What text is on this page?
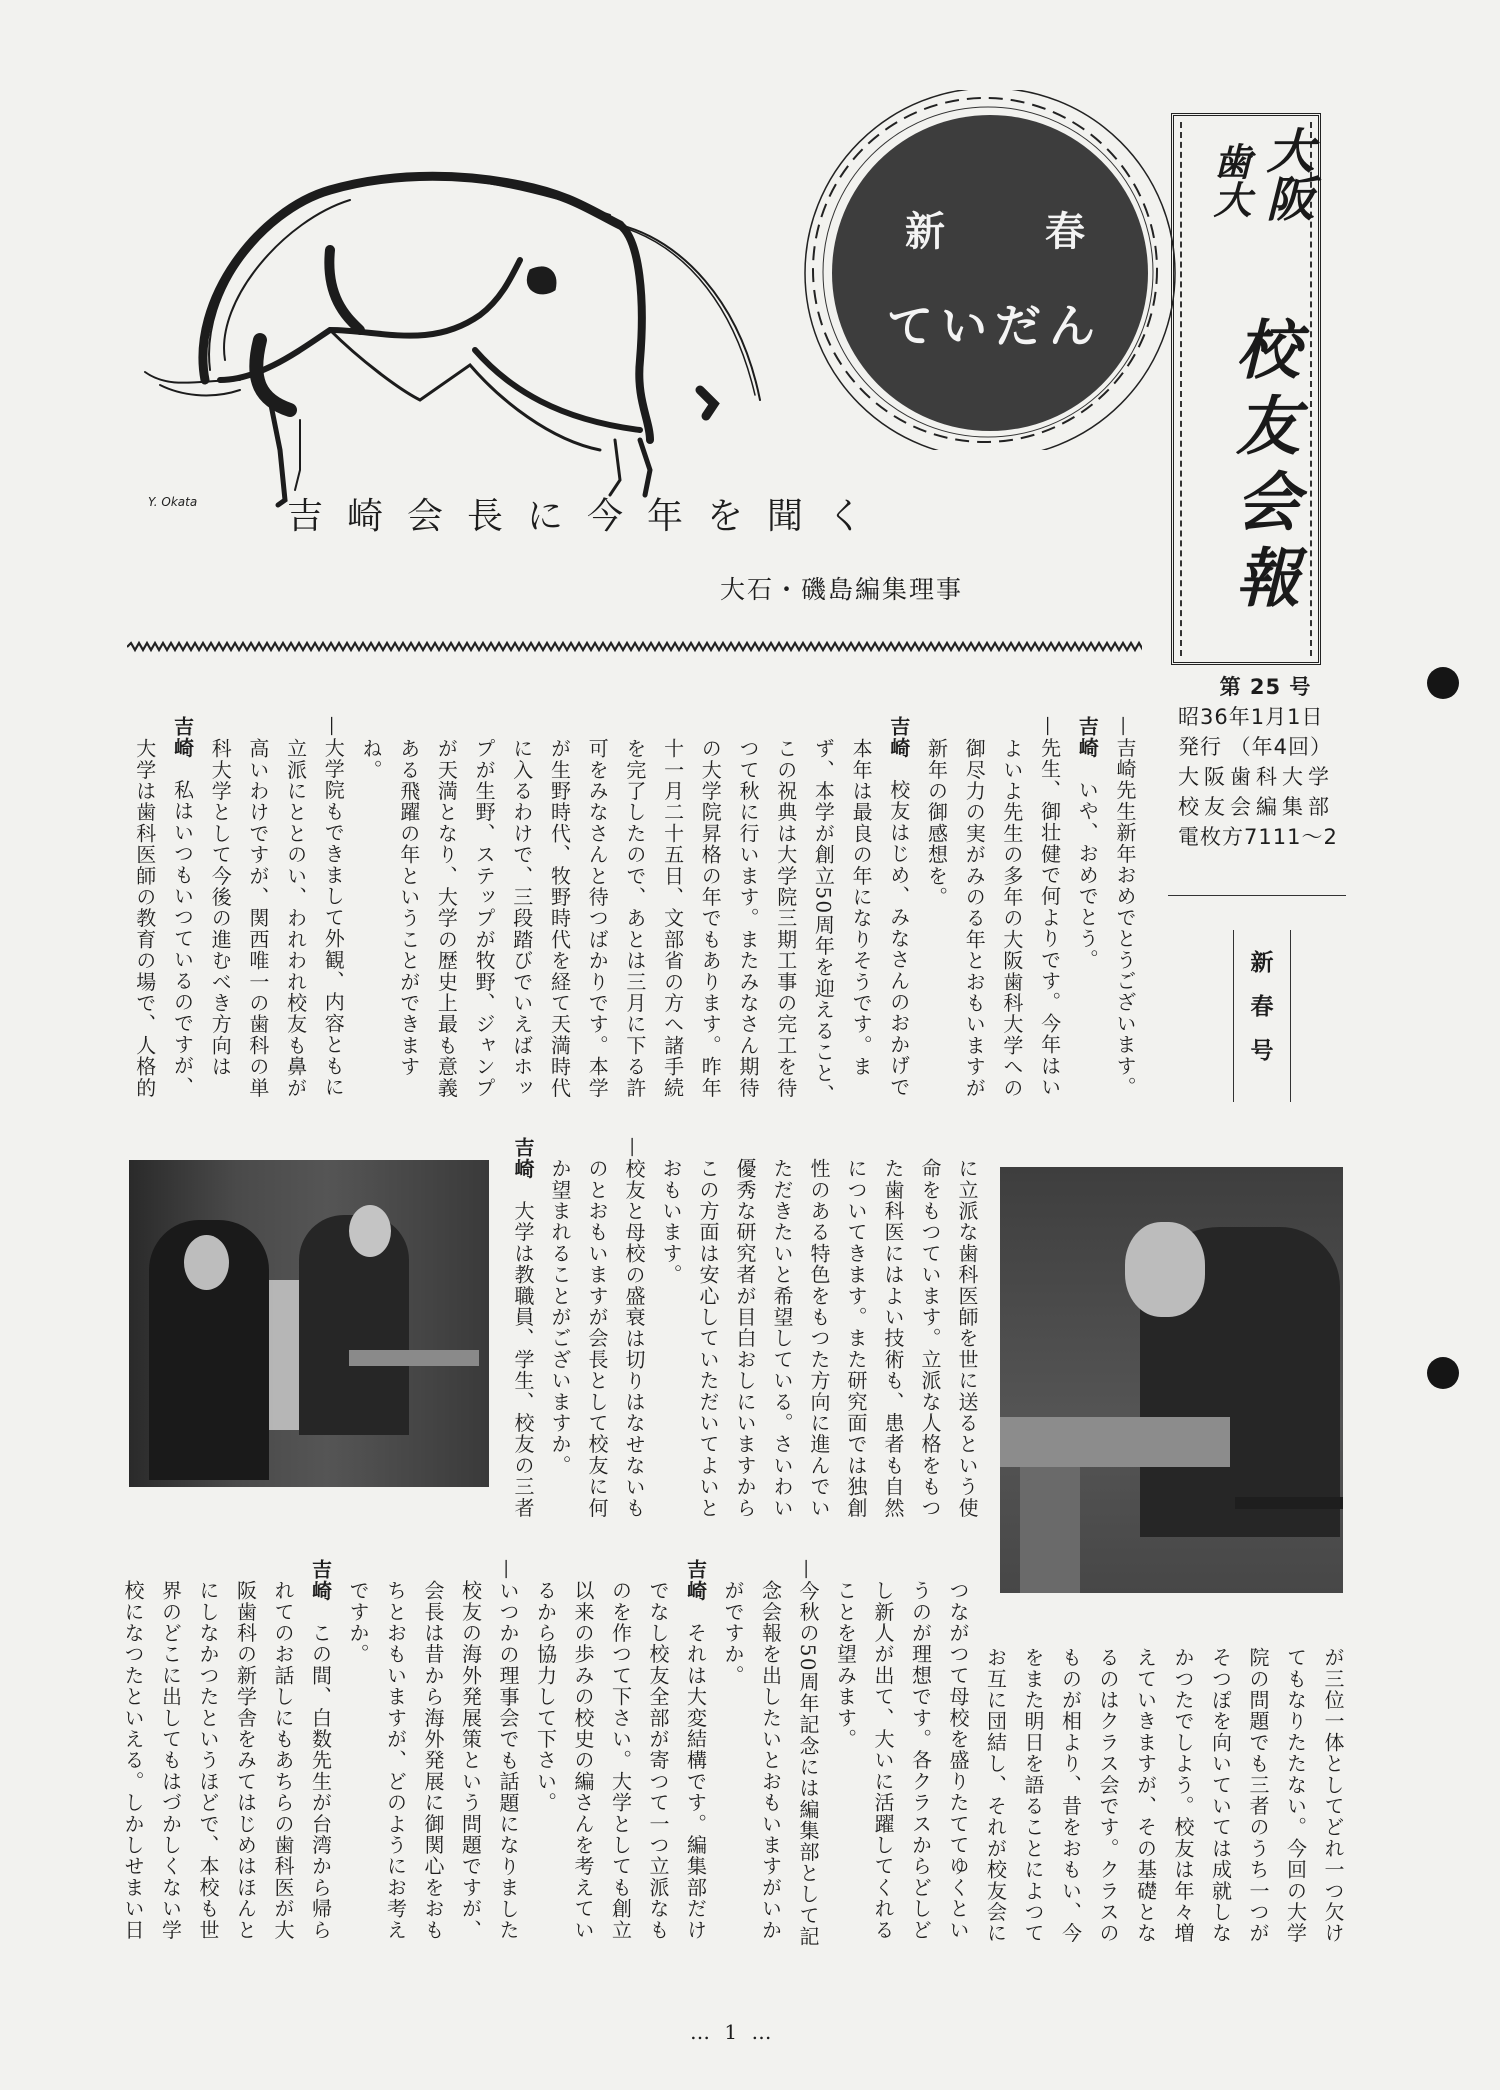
Y. Okata
新	春
ていだん
大阪
歯大
校友会報
第 25 号
昭36年1月1日
発行 （年4回）
大阪歯科大学
校友会編集部
電枚方7111〜2
新
春
号
吉崎会長に今年を聞く
大石・磯島編集理事
—吉崎先生新年おめでとうございます。
吉崎いや、おめでとう。
—先生、御壮健で何よりです。今年はい
よいよ先生の多年の大阪歯科大学への
御尽力の実がみのる年とおもいますが
新年の御感想を。
吉崎校友はじめ、みなさんのおかげで
本年は最良の年になりそうです。ま
ず、本学が創立50周年を迎えること、
この祝典は大学院三期工事の完工を待
つて秋に行います。またみなさん期待
の大学院昇格の年でもあります。昨年
十一月二十五日、文部省の方へ諸手続
を完了したので、あとは三月に下る許
可をみなさんと待つばかりです。本学
が生野時代、牧野時代を経て天満時代
に入るわけで、三段踏びでいえばホッ
プが生野、ステップが牧野、ジャンプ
が天満となり、大学の歴史上最も意義
ある飛躍の年ということができます
ね。
—大学院もできまして外観、内容ともに
立派にととのい、われわれ校友も鼻が
高いわけですが、関西唯一の歯科の単
科大学として今後の進むべき方向は
吉崎私はいつもいつているのですが、
大学は歯科医師の教育の場で、人格的
に立派な歯科医師を世に送るという使
命をもつています。立派な人格をもつ
た歯科医にはよい技術も、患者も自然
についてきます。また研究面では独創
性のある特色をもつた方向に進んでい
ただきたいと希望している。さいわい
優秀な研究者が目白おしにいますから
この方面は安心していただいてよいと
おもいます。
—校友と母校の盛衰は切りはなせないも
のとおもいますが会長として校友に何
か望まれることがございますか。
吉崎大学は教職員、学生、校友の三者
が三位一体としてどれ一つ欠け
てもなりたたない。今回の大学
院の問題でも三者のうち一つが
そつぽを向いていては成就しな
かつたでしよう。校友は年々増
えていきますが、その基礎とな
るのはクラス会です。クラスの
ものが相より、昔をおもい、今
をまた明日を語ることによつて
お互に団結し、それが校友会に
つながつて母校を盛りたててゆくとい
うのが理想です。各クラスからどしど
し新人が出て、大いに活躍してくれる
ことを望みます。
—今秋の50周年記念には編集部として記
念会報を出したいとおもいますがいか
がですか。
吉崎それは大変結構です。編集部だけ
でなし校友全部が寄つて一つ立派なも
のを作つて下さい。大学としても創立
以来の歩みの校史の編さんを考えてい
るから協力して下さい。
—いつかの理事会でも話題になりました
校友の海外発展策という問題ですが、
会長は昔から海外発展に御関心をおも
ちとおもいますが、どのようにお考え
ですか。
吉崎この間、白数先生が台湾から帰ら
れてのお話しにもあちらの歯科医が大
阪歯科の新学舎をみてはじめはほんと
にしなかつたというほどで、本校も世
界のどこに出してもはづかしくない学
校になつたといえる。しかしせまい日
… 1 …
